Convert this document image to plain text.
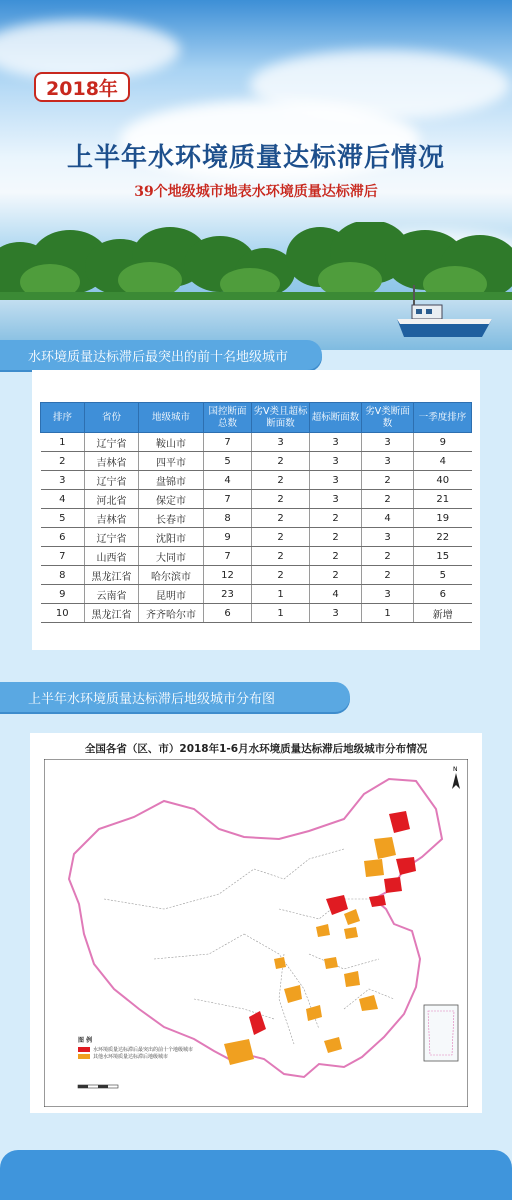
2018年
上半年水环境质量达标滞后情况
39个地级城市地表水环境质量达标滞后
水环境质量达标滞后最突出的前十名地级城市
排序	省份	地级城市	国控断面总数	劣Ⅴ类且超标断面数	超标断面数	劣Ⅴ类断面数	一季度排序
1	辽宁省	鞍山市	7	3	3	3	9
2	吉林省	四平市	5	2	3	3	4
3	辽宁省	盘锦市	4	2	3	2	40
4	河北省	保定市	7	2	3	2	21
5	吉林省	长春市	8	2	2	4	19
6	辽宁省	沈阳市	9	2	2	3	22
7	山西省	大同市	7	2	2	2	15
8	黑龙江省	哈尔滨市	12	2	2	2	5
9	云南省	昆明市	23	1	4	3	6
10	黑龙江省	齐齐哈尔市	6	1	3	1	新增
上半年水环境质量达标滞后地级城市分布图
全国各省（区、市）2018年1-6月水环境质量达标滞后地级城市分布情况
N
图 例
水环境质量达标滞后最突出的前十个地级城市
其他水环境质量达标滞后地级城市
